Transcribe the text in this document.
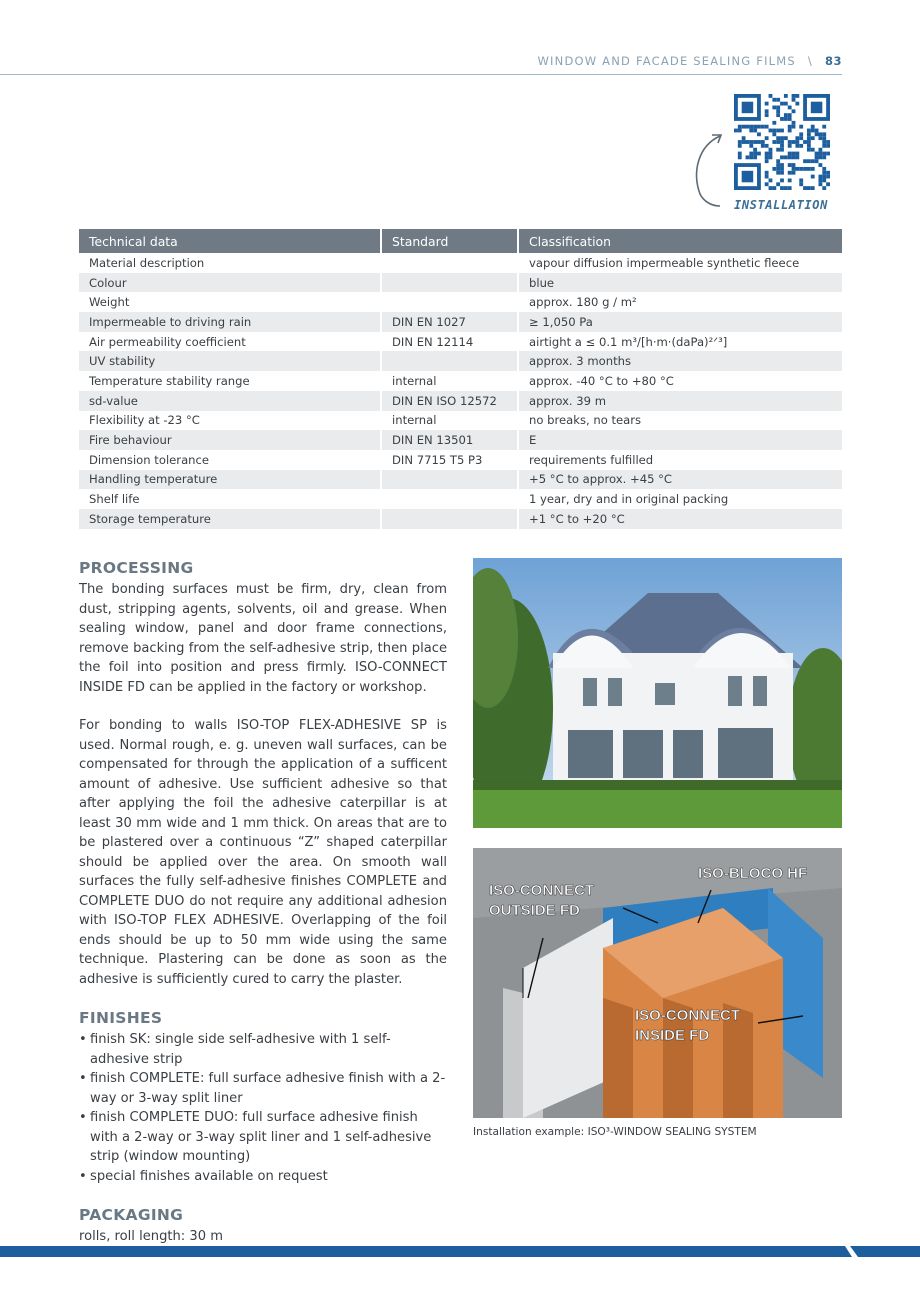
WINDOW AND FACADE SEALING FILMS \ 83
INSTALLATION
Technical data	Standard	Classification
Material description		vapour diffusion impermeable synthetic fleece
Colour		blue
Weight		approx. 180 g / m²
Impermeable to driving rain	DIN EN 1027	≥ 1,050 Pa
Air permeability coefficient	DIN EN 12114	airtight a ≤ 0.1 m³/[h·m·(daPa)²ᐟ³]
UV stability		approx. 3 months
Temperature stability range	internal	approx. -40 °C to +80 °C
sd-value	DIN EN ISO 12572	approx. 39 m
Flexibility at -23 °C	internal	no breaks, no tears
Fire behaviour	DIN EN 13501	E
Dimension tolerance	DIN 7715 T5 P3	requirements fulfilled
Handling temperature		+5 °C to approx. +45 °C
Shelf life		1 year, dry and in original packing
Storage temperature		+1 °C to +20 °C
PROCESSING

The bonding surfaces must be firm, dry, clean from dust, stripping agents, solvents, oil and grease. When sealing window, panel and door frame connections, remove backing from the self-adhesive strip, then place the foil into position and press firmly. ISO-CONNECT INSIDE FD can be applied in the factory or workshop.

For bonding to walls ISO-TOP FLEX-ADHESIVE SP is used. Normal rough, e. g. uneven wall surfaces, can be compensated for through the application of a sufficent amount of adhesive. Use sufficient adhesive so that after applying the foil the adhesive caterpillar is at least 30 mm wide and 1 mm thick. On areas that are to be plastered over a continuous “Z” shaped caterpillar should be applied over the area. On smooth wall surfaces the fully self-adhesive finishes COMPLETE and COMPLETE DUO do not require any additional adhesion with ISO-TOP FLEX ADHESIVE. Overlapping of the foil ends should be up to 50 mm wide using the same technique. Plastering can be done as soon as the adhesive is sufficiently cured to carry the plaster.

FINISHES
• finish SK: single side self-adhesive with 1 self-adhesive strip
• finish COMPLETE: full surface adhesive finish with a 2-way or 3-way split liner
• finish COMPLETE DUO: full surface adhesive finish with a 2-way or 3-way split liner and 1 self-adhesive strip (window mounting)
• special finishes available on request
PACKAGING

rolls, roll length: 30 m

ISO-CONNECT
OUTSIDE FD
ISO-BLOCO HF
ISO-CONNECT
INSIDE FD
Installation example: ISO³-WINDOW SEALING SYSTEM
